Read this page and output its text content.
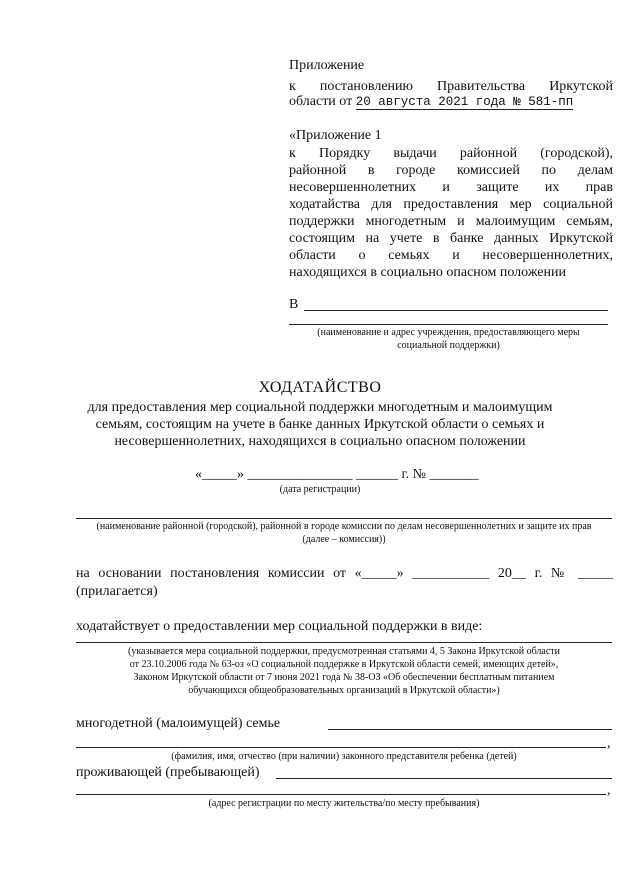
Приложение
к постановлению Правительства Иркутской
области от 20 августа 2021 года № 581-пп
«Приложение 1
к Порядку выдачи районной (городской),
районной в городе комиссией по делам
несовершеннолетних и защите их прав
ходатайства для предоставления мер социальной
поддержки многодетным и малоимущим семьям,
состоящим на учете в банке данных Иркутской
области о семьях и несовершеннолетних,
находящихся в социально опасном положении
В
(наименование и адрес учреждения, предоставляющего меры
социальной поддержки)
ХОДАТАЙСТВО
для предоставления мер социальной поддержки многодетным и малоимущим
семьям, состоящим на учете в банке данных Иркутской области о семьях и
несовершеннолетних, находящихся в социально опасном положении
«_____» _______________ ______ г. № _______
(дата регистрации)
(наименование районной (городской), районной в городе комиссии по делам несовершеннолетних и защите их прав
(далее – комиссия))
на основании постановления комиссии от «_____» ___________ 20__ г. № _____
(прилагается)
ходатайствует о предоставлении мер социальной поддержки в виде:
(указывается мера социальной поддержки, предусмотренная статьями 4, 5 Закона Иркутской области
от 23.10.2006 года № 63-оз «О социальной поддержке в Иркутской области семей, имеющих детей»,
Законом Иркутской области от 7 июня 2021 года № 38-ОЗ «Об обеспечении бесплатным питанием
обучающихся общеобразовательных организаций в Иркутской области»)
многодетной (малоимущей) семье
,
(фамилия, имя, отчество (при наличии) законного представителя ребенка (детей)
проживающей (пребывающей)
,
(адрес регистрации по месту жительства/по месту пребывания)
